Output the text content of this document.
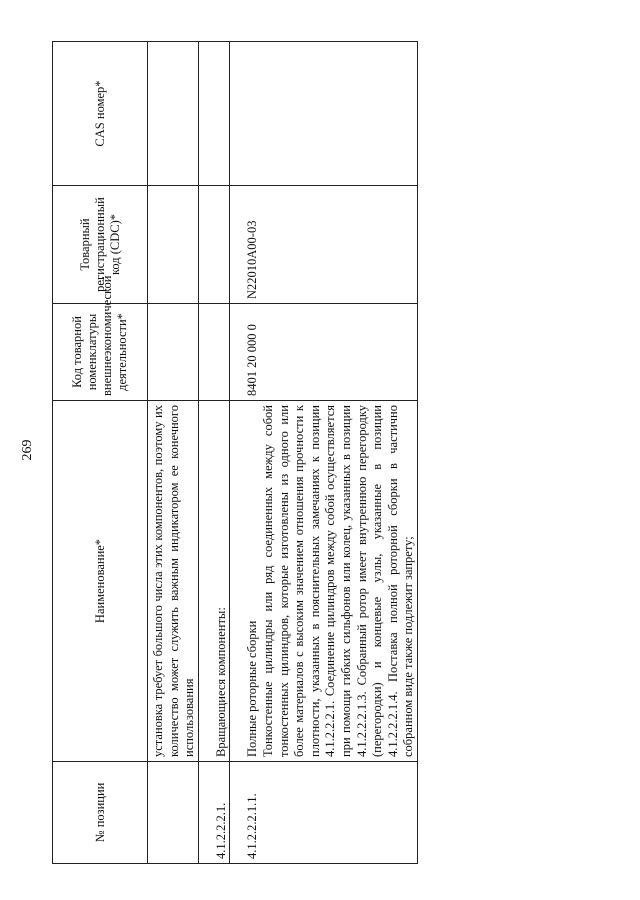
269
№ позиции	Наименование*	Код товарной номенклатуры внешнеэкономической деятельности*	Товарный регистрационный код (CDC)*	CAS номер*
	установка требует большого числа этих компонентов, поэтому их количество может служить важным индикатором ее конечного использования			

4.1.2.2.2.1.	Вращающиеся компоненты:			

4.1.2.2.2.1.1.	Полные роторные сборки Тонкостенные цилиндры или ряд соединенных между собой тонкостенных цилиндров, которые изготовлены из одного или более материалов с высоким значением отношения прочности к плотности, указанных в пояснительных замечаниях к позиции 4.1.2.2.2.1. Соединение цилиндров между собой осуществляется при помощи гибких сильфонов или колец, указанных в позиции 4.1.2.2.2.1.3. Собранный ротор имеет внутреннюю перегородку (перегородки) и концевые узлы, указанные в позиции 4.1.2.2.2.1.4. Поставка полной роторной сборки в частично собранном виде также подлежит запрету;	8401 20 000 0	N22010A00-03	
